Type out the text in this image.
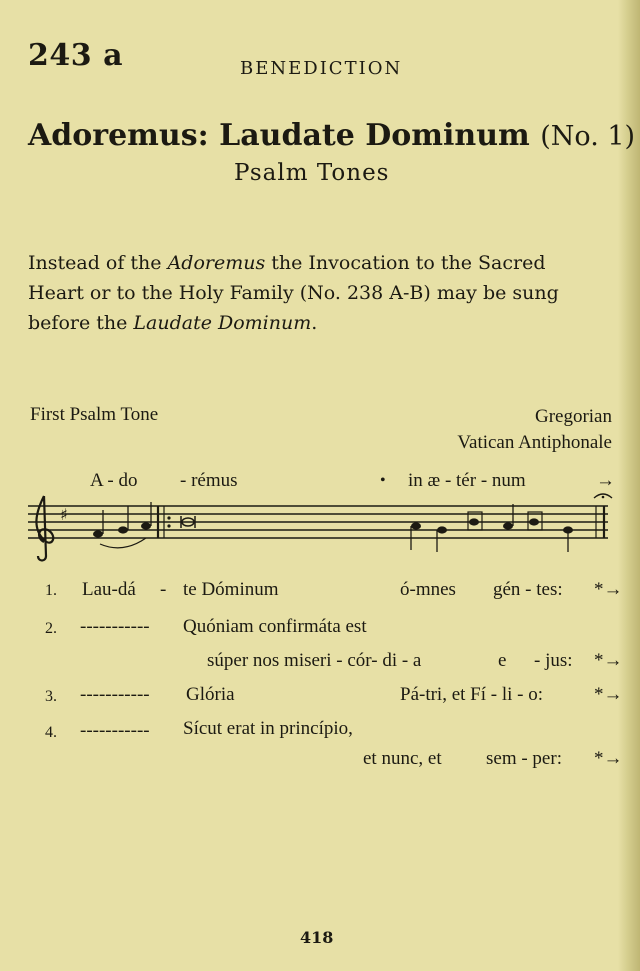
243 a	BENEDICTION
Adoremus: Laudate Dominum (No. 1)
Psalm Tones

Instead of the Adoremus the Invocation to the Sacred

Heart or to the Holy Family (No. 238 A-B) may be sung

before the Laudate Dominum.

First Psalm Tone	Gregorian
Vatican Antiphonale
A - do - rémus	• in æ - tér - num	→
♯
1. Lau-dá - te Dóminum	ó-mnes gén - tes: *→
2. ----------- Quóniam confirmáta est
súper nos miseri - cór- di - a	e - jus: *→
3. ----------- Glória	Pá-tri, et Fí - li - o:	*→
4. ----------- Sícut erat in princípio,
et nunc, et sem - per: *→
418
